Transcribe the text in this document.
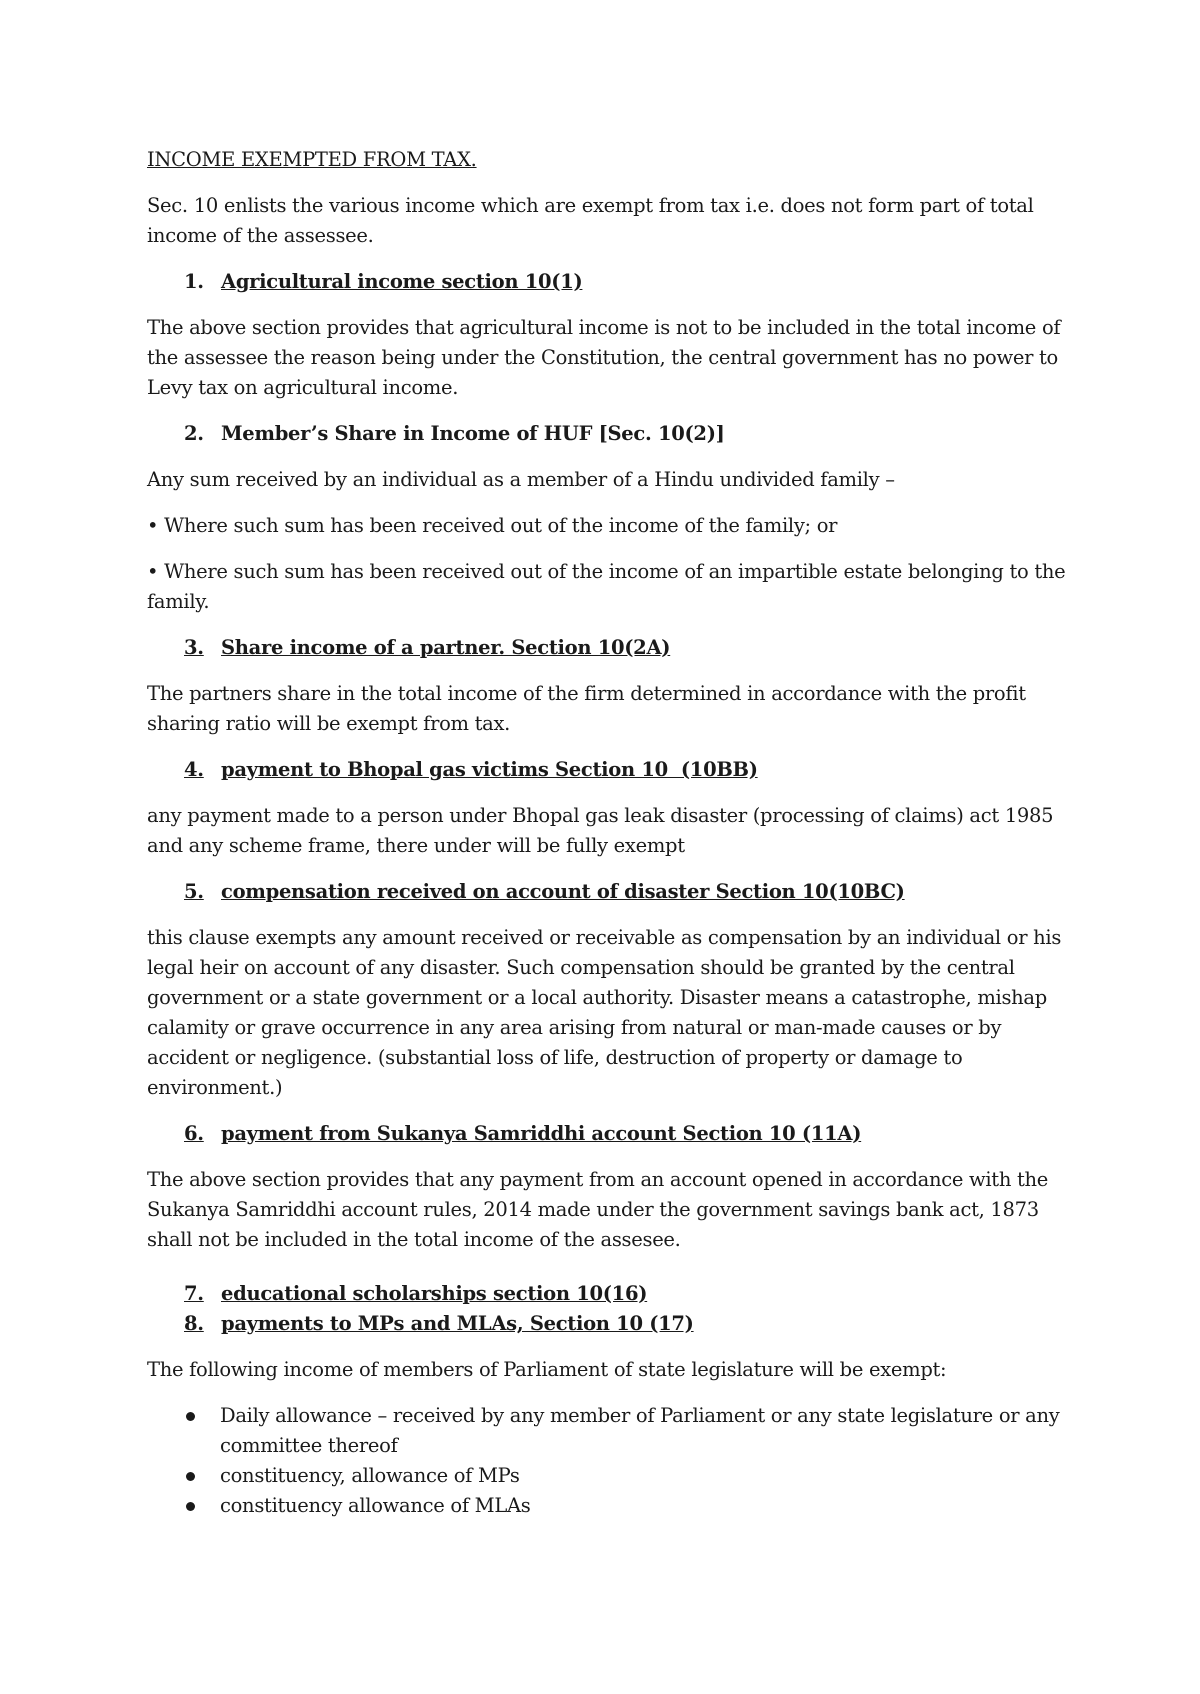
INCOME EXEMPTED FROM TAX.

Sec. 10 enlists the various income which are exempt from tax i.e. does not form part of total income of the assessee.

1. Agricultural income section 10(1)

The above section provides that agricultural income is not to be included in the total income of the assessee the reason being under the Constitution, the central government has no power to Levy tax on agricultural income.

2. Member’s Share in Income of HUF [Sec. 10(2)]

Any sum received by an individual as a member of a Hindu undivided family –

• Where such sum has been received out of the income of the family; or

• Where such sum has been received out of the income of an impartible estate belonging to the family.

3. Share income of a partner. Section 10(2A)

The partners share in the total income of the firm determined in accordance with the profit sharing ratio will be exempt from tax.

4. payment to Bhopal gas victims Section 10  (10BB)

any payment made to a person under Bhopal gas leak disaster (processing of claims) act 1985 and any scheme frame, there under will be fully exempt

5. compensation received on account of disaster Section 10(10BC)

this clause exempts any amount received or receivable as compensation by an individual or his legal heir on account of any disaster. Such compensation should be granted by the central government or a state government or a local authority. Disaster means a catastrophe, mishap calamity or grave occurrence in any area arising from natural or man-made causes or by accident or negligence. (substantial loss of life, destruction of property or damage to environment.)

6. payment from Sukanya Samriddhi account Section 10 (11A)

The above section provides that any payment from an account opened in accordance with the Sukanya Samriddhi account rules, 2014 made under the government savings bank act, 1873 shall not be included in the total income of the assesee.

7. educational scholarships section 10(16)

8. payments to MPs and MLAs, Section 10 (17)

The following income of members of Parliament of state legislature will be exempt:

Daily allowance – received by any member of Parliament or any state legislature or any committee thereof
constituency, allowance of MPs
constituency allowance of MLAs
